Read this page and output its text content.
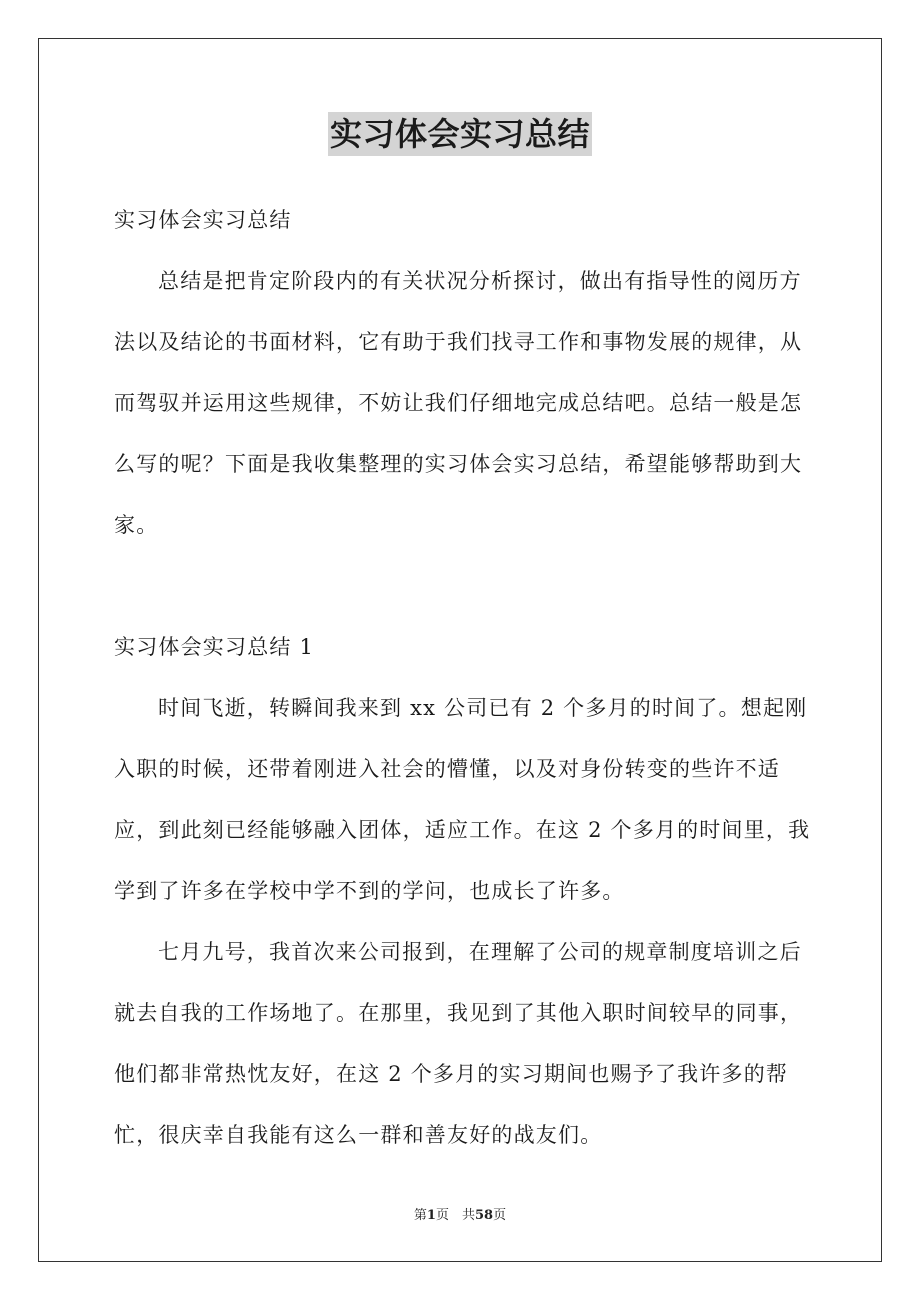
实习体会实习总结

实习体会实习总结

总结是把肯定阶段内的有关状况分析探讨，做出有指导性的阅历方法以及结论的书面材料，它有助于我们找寻工作和事物发展的规律，从而驾驭并运用这些规律，不妨让我们仔细地完成总结吧。总结一般是怎么写的呢？下面是我收集整理的实习体会实习总结，希望能够帮助到大家。

实习体会实习总结 1

时间飞逝，转瞬间我来到 xx 公司已有 2 个多月的时间了。想起刚入职的时候，还带着刚进入社会的懵懂，以及对身份转变的些许不适应，到此刻已经能够融入团体，适应工作。在这 2 个多月的时间里，我学到了许多在学校中学不到的学问，也成长了许多。

七月九号，我首次来公司报到，在理解了公司的规章制度培训之后就去自我的工作场地了。在那里，我见到了其他入职时间较早的同事，他们都非常热忱友好，在这 2 个多月的实习期间也赐予了我许多的帮忙，很庆幸自我能有这么一群和善友好的战友们。

第1页　共58页
